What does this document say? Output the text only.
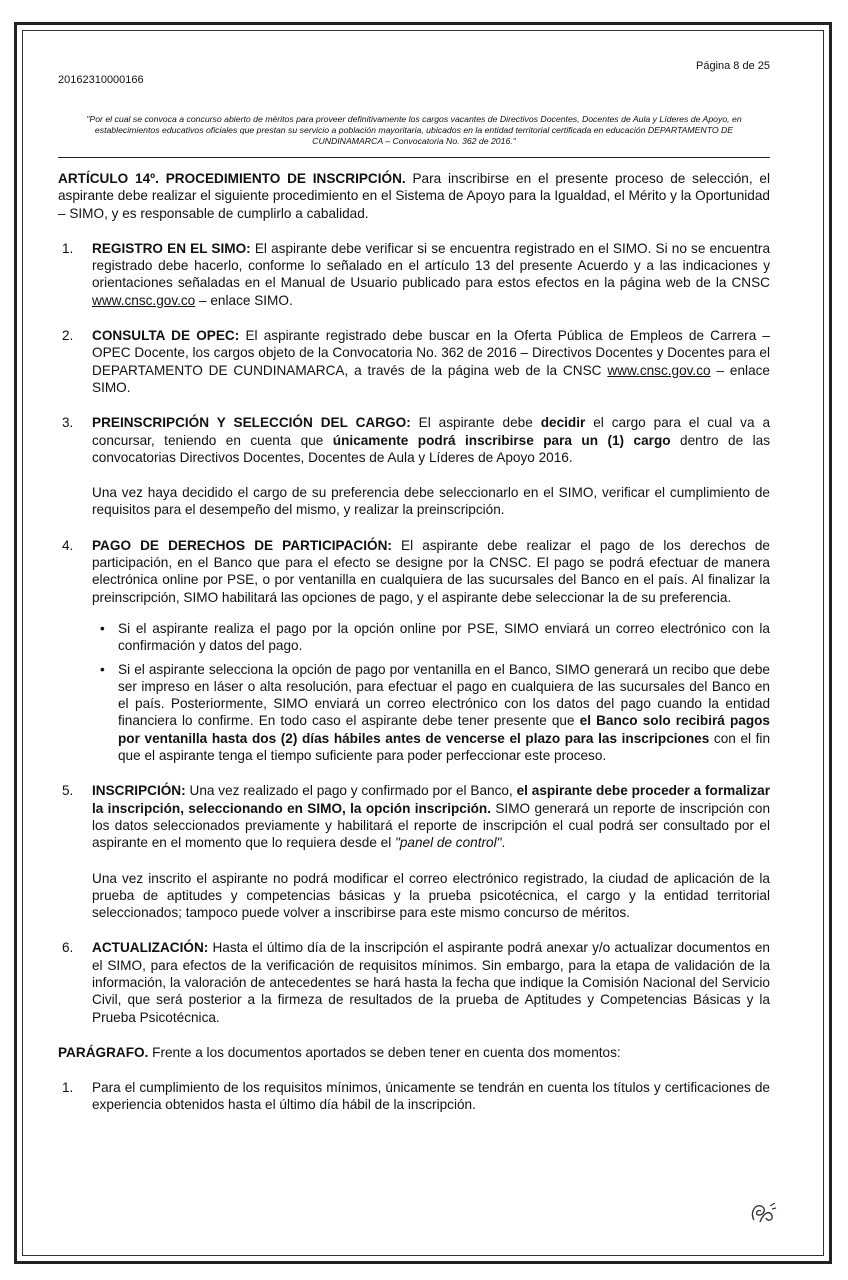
20162310000166
Página 8 de 25
"Por el cual se convoca a concurso abierto de méritos para proveer definitivamente los cargos vacantes de Directivos Docentes, Docentes de Aula y Líderes de Apoyo, en establecimientos educativos oficiales que prestan su servicio a población mayoritaria, ubicados en la entidad territorial certificada en educación DEPARTAMENTO DE CUNDINAMARCA – Convocatoria No. 362 de 2016."

ARTÍCULO 14º. PROCEDIMIENTO DE INSCRIPCIÓN. Para inscribirse en el presente proceso de selección, el aspirante debe realizar el siguiente procedimiento en el Sistema de Apoyo para la Igualdad, el Mérito y la Oportunidad – SIMO, y es responsable de cumplirlo a cabalidad.

1.	REGISTRO EN EL SIMO: El aspirante debe verificar si se encuentra registrado en el SIMO. Si no se encuentra registrado debe hacerlo, conforme lo señalado en el artículo 13 del presente Acuerdo y a las indicaciones y orientaciones señaladas en el Manual de Usuario publicado para estos efectos en la página web de la CNSC www.cnsc.gov.co – enlace SIMO.

2.	CONSULTA DE OPEC: El aspirante registrado debe buscar en la Oferta Pública de Empleos de Carrera – OPEC Docente, los cargos objeto de la Convocatoria No. 362 de 2016 – Directivos Docentes y Docentes para el DEPARTAMENTO DE CUNDINAMARCA, a través de la página web de la CNSC www.cnsc.gov.co – enlace SIMO.

3.	PREINSCRIPCIÓN Y SELECCIÓN DEL CARGO: El aspirante debe decidir el cargo para el cual va a concursar, teniendo en cuenta que únicamente podrá inscribirse para un (1) cargo dentro de las convocatorias Directivos Docentes, Docentes de Aula y Líderes de Apoyo 2016.

Una vez haya decidido el cargo de su preferencia debe seleccionarlo en el SIMO, verificar el cumplimiento de requisitos para el desempeño del mismo, y realizar la preinscripción.

4.	PAGO DE DERECHOS DE PARTICIPACIÓN: El aspirante debe realizar el pago de los derechos de participación, en el Banco que para el efecto se designe por la CNSC. El pago se podrá efectuar de manera electrónica online por PSE, o por ventanilla en cualquiera de las sucursales del Banco en el país. Al finalizar la preinscripción, SIMO habilitará las opciones de pago, y el aspirante debe seleccionar la de su preferencia.

• Si el aspirante realiza el pago por la opción online por PSE, SIMO enviará un correo electrónico con la confirmación y datos del pago.

• Si el aspirante selecciona la opción de pago por ventanilla en el Banco, SIMO generará un recibo que debe ser impreso en láser o alta resolución, para efectuar el pago en cualquiera de las sucursales del Banco en el país. Posteriormente, SIMO enviará un correo electrónico con los datos del pago cuando la entidad financiera lo confirme. En todo caso el aspirante debe tener presente que el Banco solo recibirá pagos por ventanilla hasta dos (2) días hábiles antes de vencerse el plazo para las inscripciones con el fin que el aspirante tenga el tiempo suficiente para poder perfeccionar este proceso.

5.	INSCRIPCIÓN: Una vez realizado el pago y confirmado por el Banco, el aspirante debe proceder a formalizar la inscripción, seleccionando en SIMO, la opción inscripción. SIMO generará un reporte de inscripción con los datos seleccionados previamente y habilitará el reporte de inscripción el cual podrá ser consultado por el aspirante en el momento que lo requiera desde el "panel de control".

Una vez inscrito el aspirante no podrá modificar el correo electrónico registrado, la ciudad de aplicación de la prueba de aptitudes y competencias básicas y la prueba psicotécnica, el cargo y la entidad territorial seleccionados; tampoco puede volver a inscribirse para este mismo concurso de méritos.

6.	ACTUALIZACIÓN: Hasta el último día de la inscripción el aspirante podrá anexar y/o actualizar documentos en el SIMO, para efectos de la verificación de requisitos mínimos. Sin embargo, para la etapa de validación de la información, la valoración de antecedentes se hará hasta la fecha que indique la Comisión Nacional del Servicio Civil, que será posterior a la firmeza de resultados de la prueba de Aptitudes y Competencias Básicas y la Prueba Psicotécnica.

PARÁGRAFO. Frente a los documentos aportados se deben tener en cuenta dos momentos:

1.	Para el cumplimiento de los requisitos mínimos, únicamente se tendrán en cuenta los títulos y certificaciones de experiencia obtenidos hasta el último día hábil de la inscripción.
